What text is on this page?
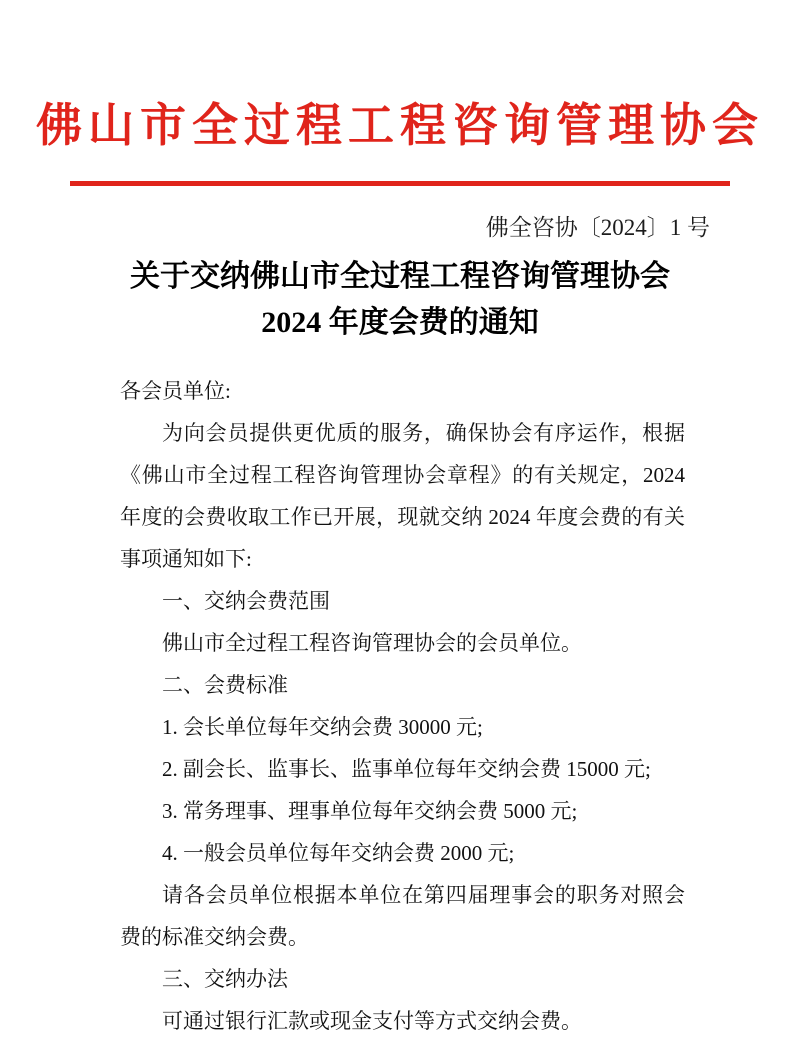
佛山市全过程工程咨询管理协会
佛全咨协〔2024〕1 号
关于交纳佛山市全过程工程咨询管理协会
2024 年度会费的通知

各会员单位:

为向会员提供更优质的服务，确保协会有序运作，根据《佛山市全过程工程咨询管理协会章程》的有关规定，2024 年度的会费收取工作已开展，现就交纳 2024 年度会费的有关事项通知如下:

一、交纳会费范围

佛山市全过程工程咨询管理协会的会员单位。

二、会费标准

1. 会长单位每年交纳会费 30000 元;

2. 副会长、监事长、监事单位每年交纳会费 15000 元;

3. 常务理事、理事单位每年交纳会费 5000 元;

4. 一般会员单位每年交纳会费 2000 元;

请各会员单位根据本单位在第四届理事会的职务对照会费的标准交纳会费。

三、交纳办法

可通过银行汇款或现金支付等方式交纳会费。
